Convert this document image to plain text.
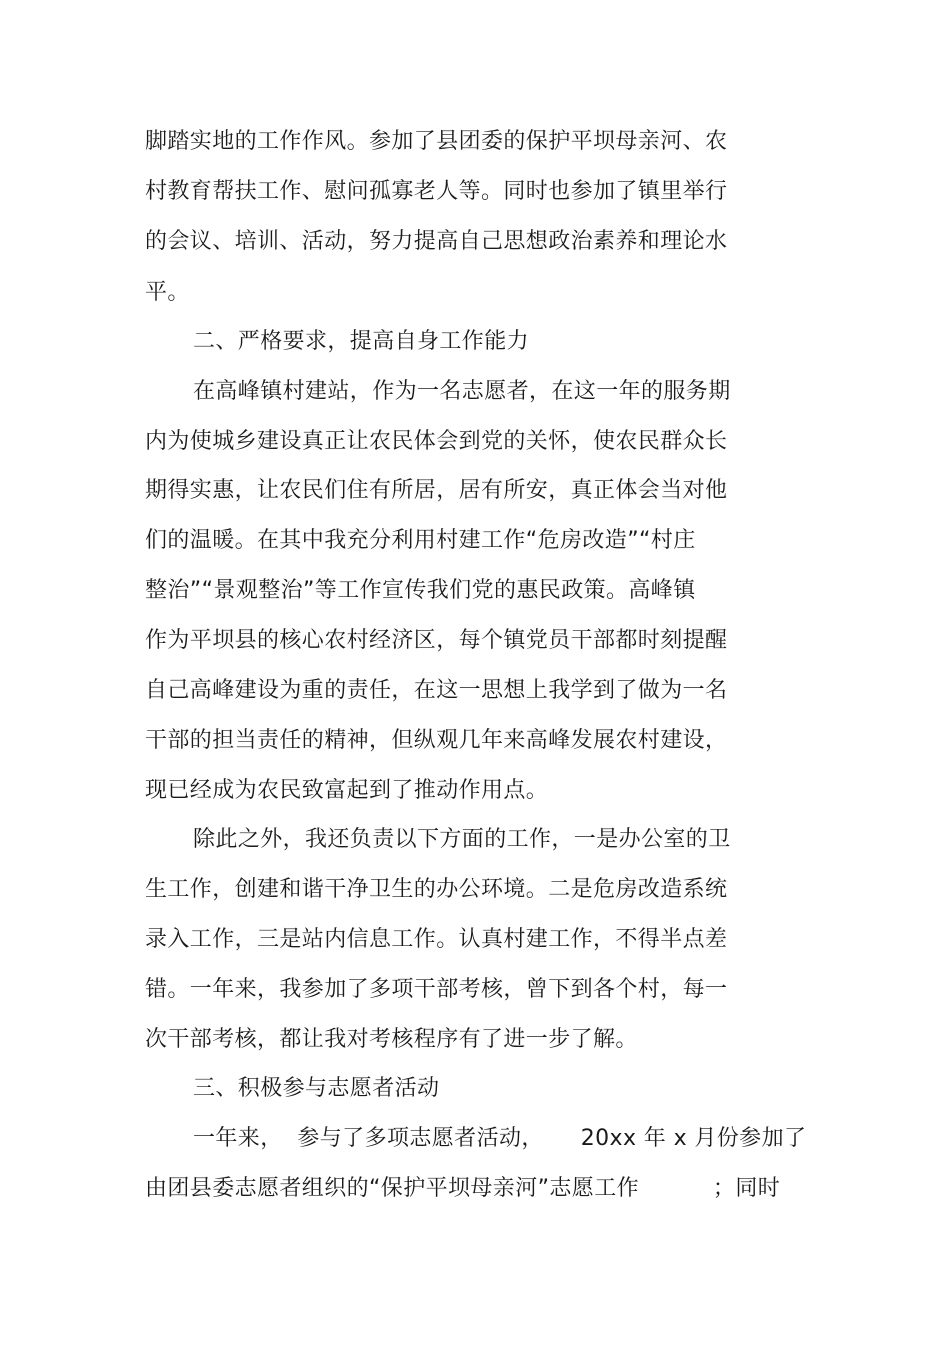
脚踏实地的工作作风。参加了县团委的保护平坝母亲河、农
村教育帮扶工作、慰问孤寡老人等。同时也参加了镇里举行
的会议、培训、活动，努力提高自己思想政治素养和理论水
平。
二、严格要求，提高自身工作能力
在高峰镇村建站，作为一名志愿者，在这一年的服务期
内为使城乡建设真正让农民体会到党的关怀，使农民群众长
期得实惠，让农民们住有所居，居有所安，真正体会当对他
们的温暖。在其中我充分利用村建工作“危房改造”“村庄
整治”“景观整治”等工作宣传我们党的惠民政策。高峰镇
作为平坝县的核心农村经济区，每个镇党员干部都时刻提醒
自己高峰建设为重的责任，在这一思想上我学到了做为一名
干部的担当责任的精神，但纵观几年来高峰发展农村建设，
现已经成为农民致富起到了推动作用点。
除此之外，我还负责以下方面的工作，一是办公室的卫
生工作，创建和谐干净卫生的办公环境。二是危房改造系统
录入工作，三是站内信息工作。认真村建工作，不得半点差
错。一年来，我参加了多项干部考核，曾下到各个村，每一
次干部考核，都让我对考核程序有了进一步了解。
三、积极参与志愿者活动
一年来，  参与了多项志愿者活动，     20xx 年 x 月份参加了
由团县委志愿者组织的“保护平坝母亲河”志愿工作          ；同时
